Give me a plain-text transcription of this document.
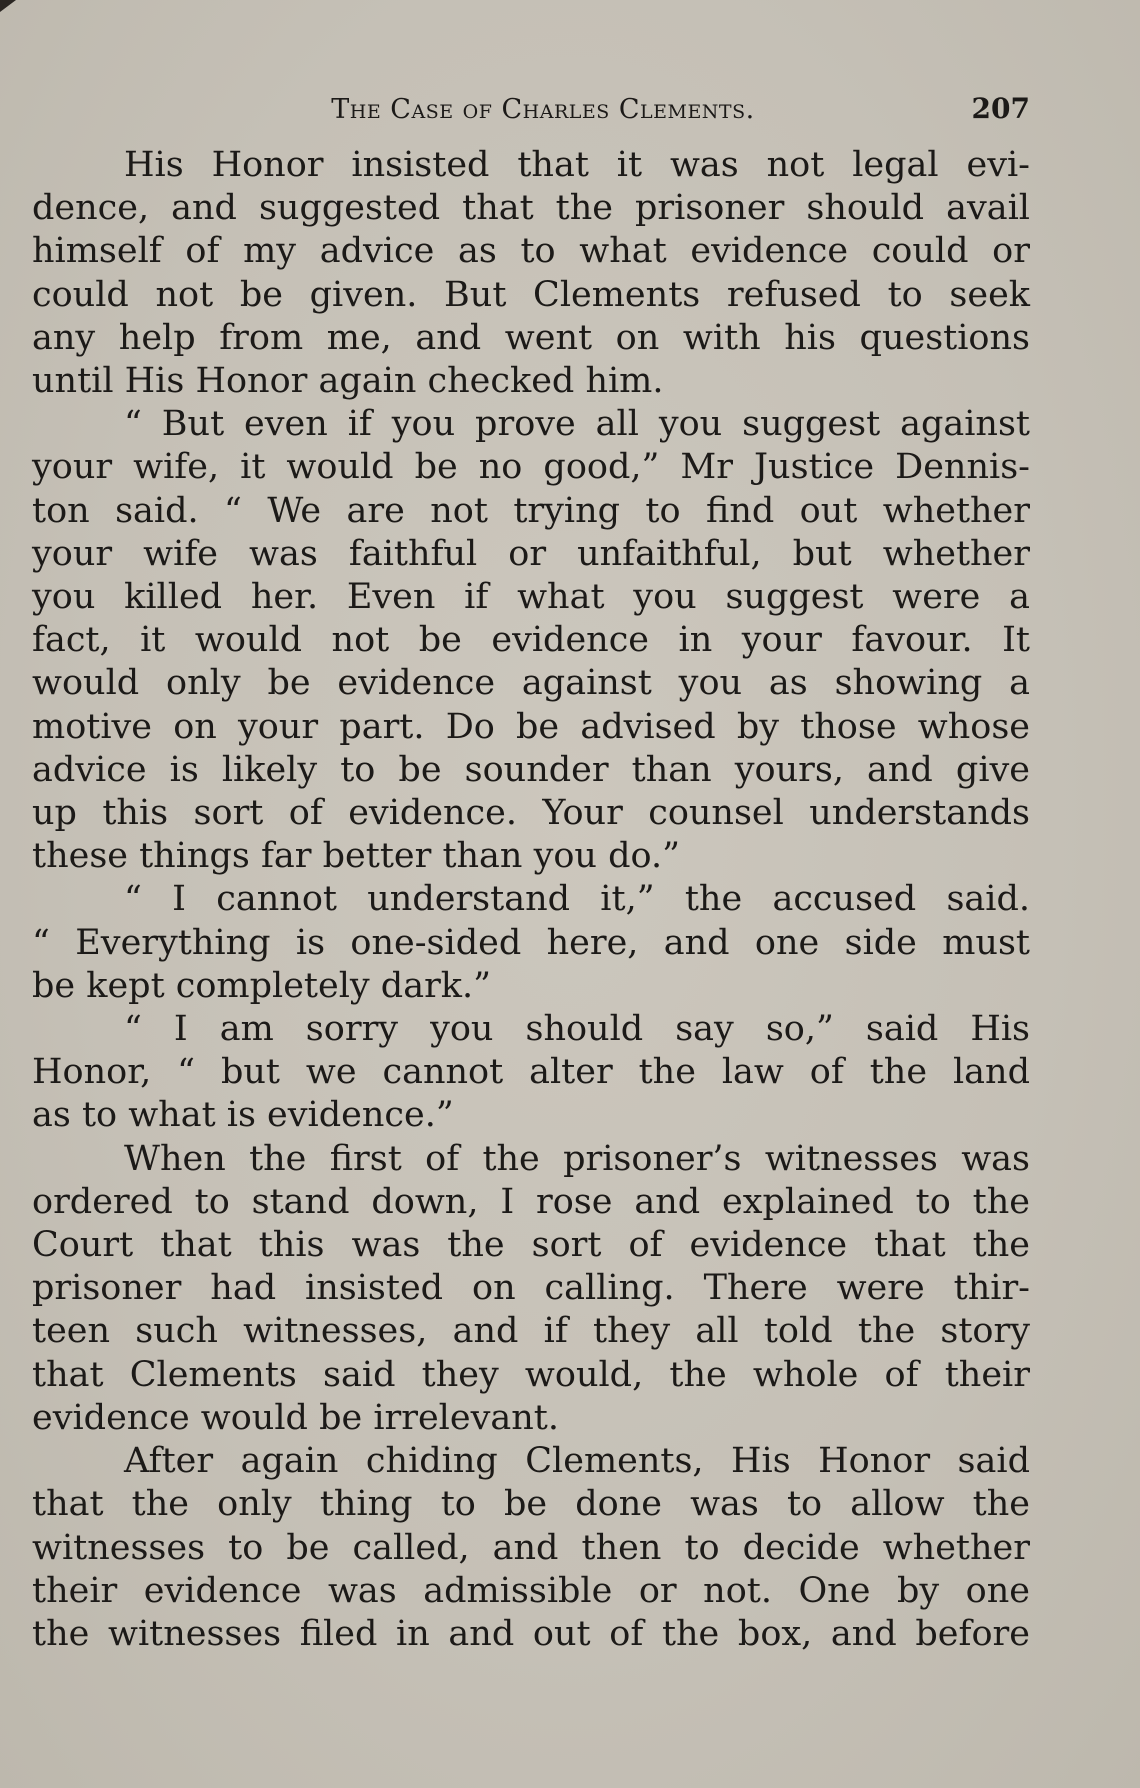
The Case of Charles Clements.	207

His Honor insisted that it was not legal evi-
dence, and suggested that the prisoner should avail
himself of my advice as to what evidence could or
could not be given. But Clements refused to seek
any help from me, and went on with his questions
until His Honor again checked him.

“ But even if you prove all you suggest against
your wife, it would be no good,” Mr Justice Dennis-
ton said. “ We are not trying to find out whether
your wife was faithful or unfaithful, but whether
you killed her. Even if what you suggest were a
fact, it would not be evidence in your favour. It
would only be evidence against you as showing a
motive on your part. Do be advised by those whose
advice is likely to be sounder than yours, and give
up this sort of evidence. Your counsel understands
these things far better than you do.”

“ I cannot understand it,” the accused said.
“ Everything is one-sided here, and one side must
be kept completely dark.”

“ I am sorry you should say so,” said His
Honor, “ but we cannot alter the law of the land
as to what is evidence.”

When the first of the prisoner’s witnesses was
ordered to stand down, I rose and explained to the
Court that this was the sort of evidence that the
prisoner had insisted on calling. There were thir-
teen such witnesses, and if they all told the story
that Clements said they would, the whole of their
evidence would be irrelevant.

After again chiding Clements, His Honor said
that the only thing to be done was to allow the
witnesses to be called, and then to decide whether
their evidence was admissible or not. One by one
the witnesses filed in and out of the box, and before
